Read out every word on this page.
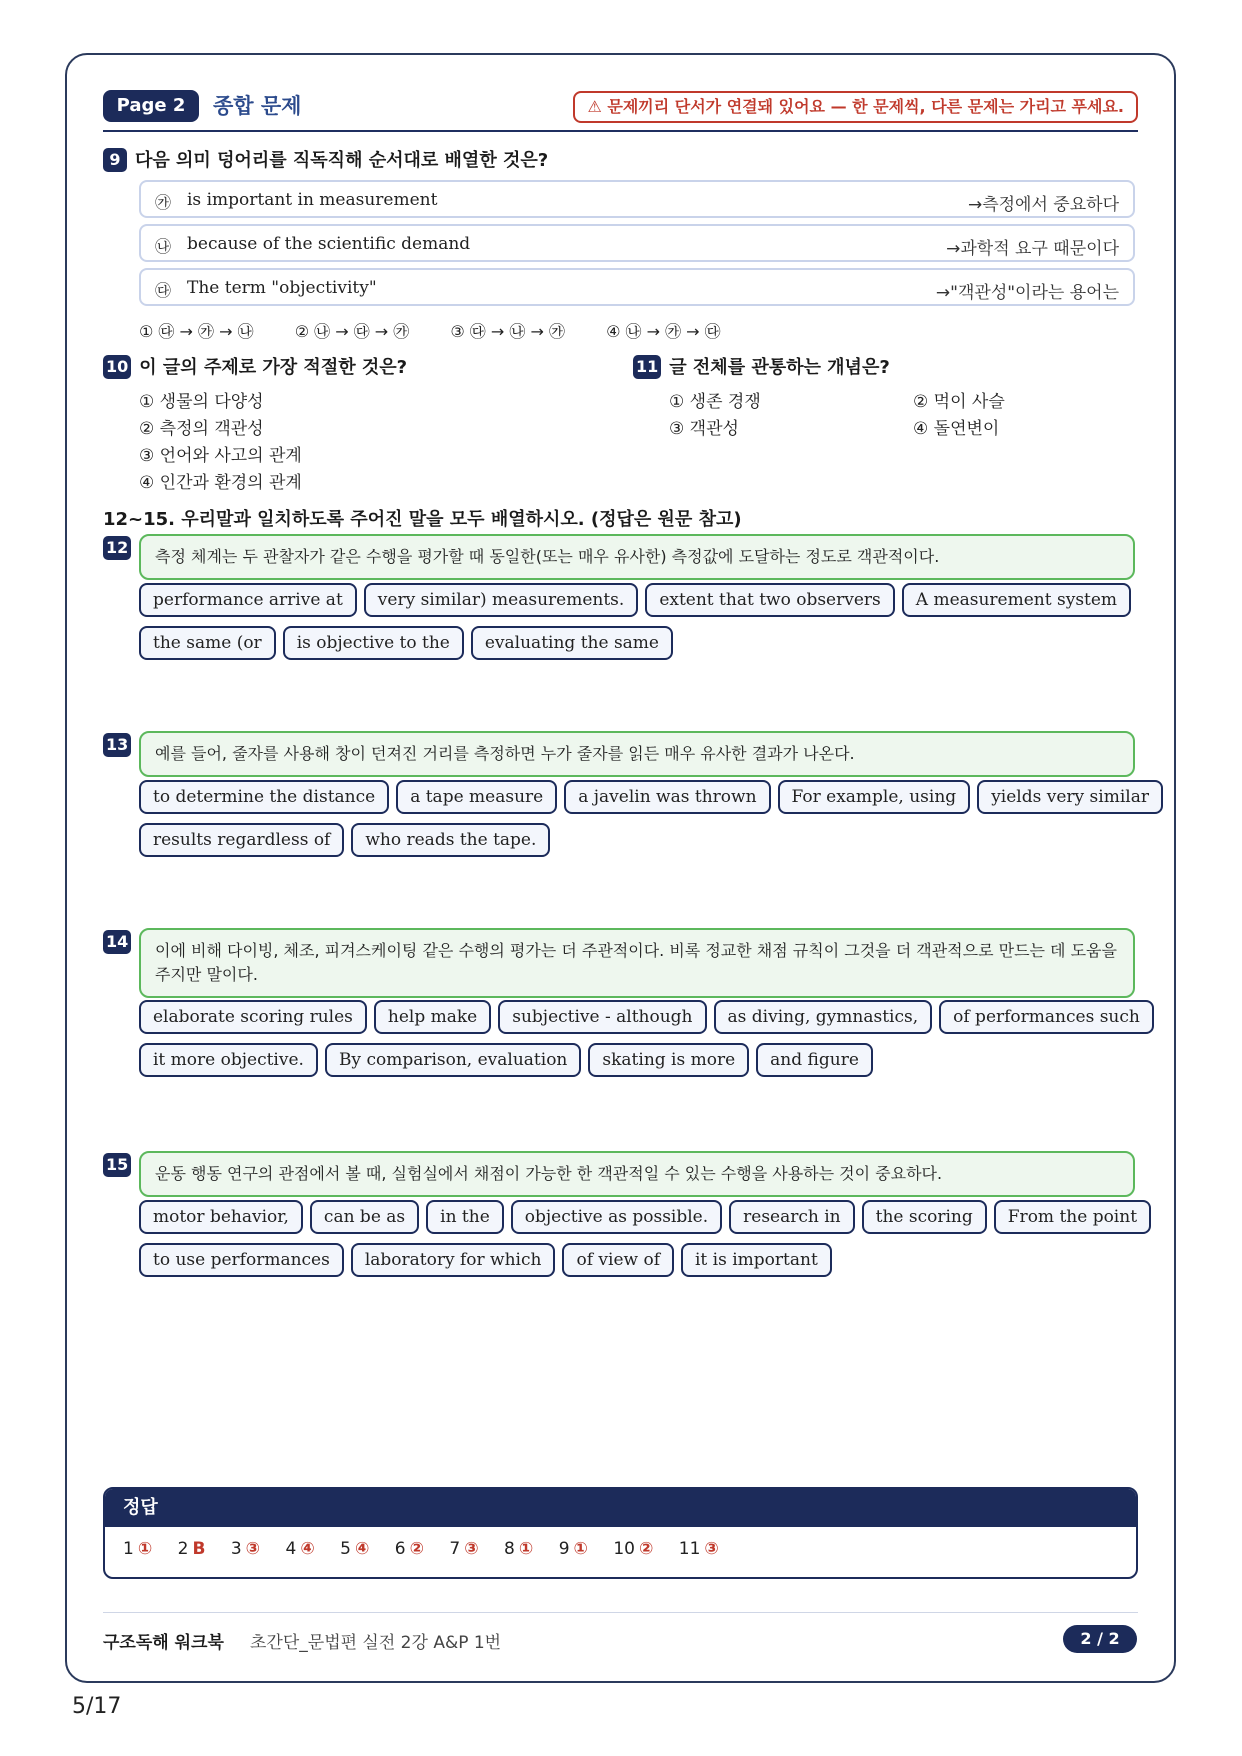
Page 2	종합 문제	⚠ 문제끼리 단서가 연결돼 있어요 — 한 문제씩, 다른 문제는 가리고 푸세요.
9 다음 의미 덩어리를 직독직해 순서대로 배열한 것은?
㉮ is important in measurement	→측정에서 중요하다
㉯ because of the scientific demand	→과학적 요구 때문이다
㉰ The term "objectivity"	→"객관성"이라는 용어는
① ㉰ → ㉮ → ㉯	② ㉯ → ㉰ → ㉮	③ ㉰ → ㉯ → ㉮	④ ㉯ → ㉮ → ㉰
10 이 글의 주제로 가장 적절한 것은?
① 생물의 다양성
② 측정의 객관성
③ 언어와 사고의 관계
④ 인간과 환경의 관계
11 글 전체를 관통하는 개념은?
① 생존 경쟁	② 먹이 사슬
③ 객관성	④ 돌연변이
12~15. 우리말과 일치하도록 주어진 말을 모두 배열하시오. (정답은 원문 참고)
12	측정 체계는 두 관찰자가 같은 수행을 평가할 때 동일한(또는 매우 유사한) 측정값에 도달하는 정도로 객관적이다.
performance arrive at	very similar) measurements.	extent that two observers	A measurement system
the same (or	is objective to the	evaluating the same
13	예를 들어, 줄자를 사용해 창이 던져진 거리를 측정하면 누가 줄자를 읽든 매우 유사한 결과가 나온다.
to determine the distance	a tape measure	a javelin was thrown	For example, using	yields very similar
results regardless of	who reads the tape.
14	이에 비해 다이빙, 체조, 피겨스케이팅 같은 수행의 평가는 더 주관적이다. 비록 정교한 채점 규칙이 그것을 더 객관적으로 만드는 데 도움을 주지만 말이다.
elaborate scoring rules	help make	subjective - although	as diving, gymnastics,	of performances such
it more objective.	By comparison, evaluation	skating is more	and figure
15	운동 행동 연구의 관점에서 볼 때, 실험실에서 채점이 가능한 한 객관적일 수 있는 수행을 사용하는 것이 중요하다.
motor behavior,	can be as	in the	objective as possible.	research in	the scoring	From the point
to use performances	laboratory for which	of view of	it is important
정답
1 ① 2 B 3 ③ 4 ④ 5 ④ 6 ② 7 ③ 8 ① 9 ① 10 ② 11 ③
구조독해 워크북 초간단_문법편 실전 2강 A&P 1번	2 / 2
5/17
